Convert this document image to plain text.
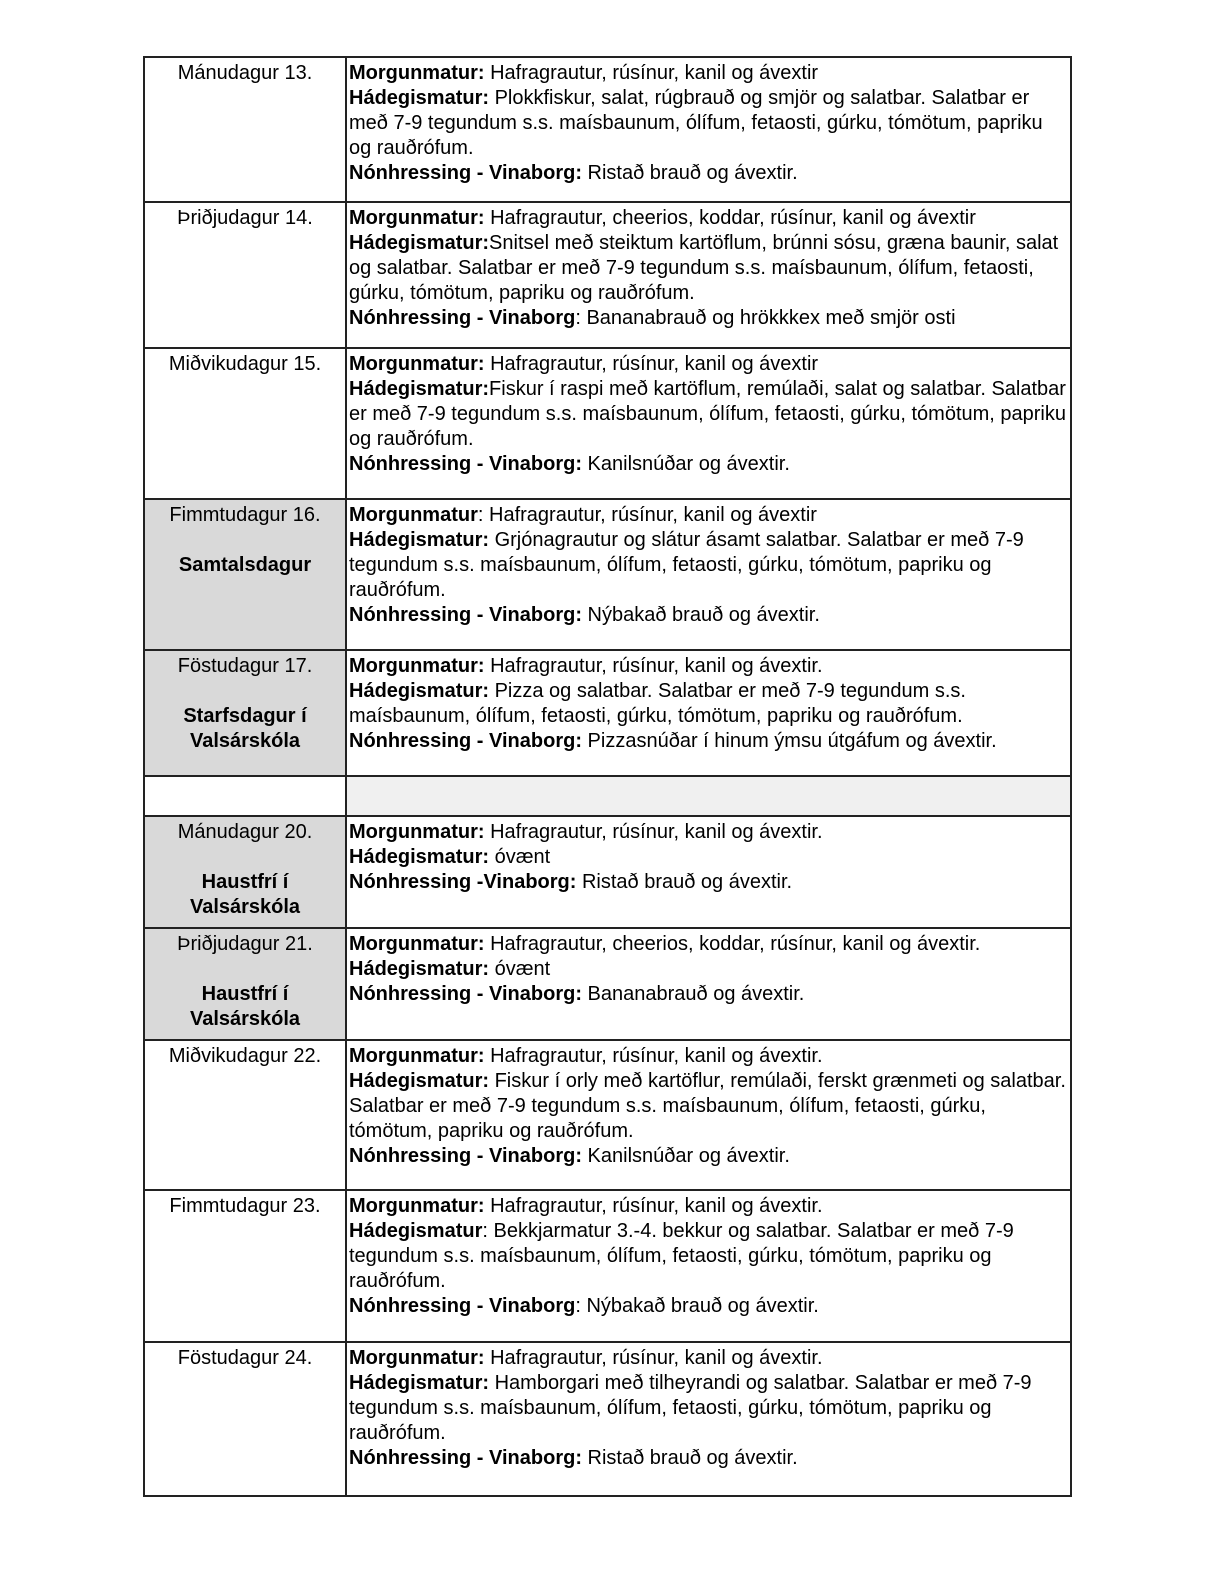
Mánudagur 13.	Morgunmatur: Hafragrautur, rúsínur, kanil og ávextir
Hádegismatur: Plokkfiskur, salat, rúgbrauð og smjör og salatbar. Salatbar er með 7-9 tegundum s.s. maísbaunum, ólífum, fetaosti, gúrku, tómötum, papriku og rauðrófum.
Nónhressing - Vinaborg: Ristað brauð og ávextir.

Þriðjudagur 14.	Morgunmatur: Hafragrautur, cheerios, koddar, rúsínur, kanil og ávextir
Hádegismatur:Snitsel með steiktum kartöflum, brúnni sósu, græna baunir, salat og salatbar. Salatbar er með 7-9 tegundum s.s. maísbaunum, ólífum, fetaosti, gúrku, tómötum, papriku og rauðrófum.
Nónhressing - Vinaborg: Bananabrauð og hrökkkex með smjör osti

Miðvikudagur 15.	Morgunmatur: Hafragrautur, rúsínur, kanil og ávextir
Hádegismatur:Fiskur í raspi með kartöflum, remúlaði, salat og salatbar. Salatbar er með 7-9 tegundum s.s. maísbaunum, ólífum, fetaosti, gúrku, tómötum, papriku og rauðrófum.
Nónhressing - Vinaborg: Kanilsnúðar og ávextir.

Fimmtudagur 16.
Samtalsdagur	Morgunmatur: Hafragrautur, rúsínur, kanil og ávextir
Hádegismatur: Grjónagrautur og slátur ásamt salatbar. Salatbar er með 7-9 tegundum s.s. maísbaunum, ólífum, fetaosti, gúrku, tómötum, papriku og rauðrófum.
Nónhressing - Vinaborg: Nýbakað brauð og ávextir.

Föstudagur 17.
Starfsdagur í Valsárskóla	Morgunmatur: Hafragrautur, rúsínur, kanil og ávextir.
Hádegismatur: Pizza og salatbar. Salatbar er með 7-9 tegundum s.s. maísbaunum, ólífum, fetaosti, gúrku, tómötum, papriku og rauðrófum.
Nónhressing - Vinaborg: Pizzasnúðar í hinum ýmsu útgáfum og ávextir.

Mánudagur 20.
Haustfrí í Valsárskóla	Morgunmatur: Hafragrautur, rúsínur, kanil og ávextir.
Hádegismatur: óvænt
Nónhressing -Vinaborg: Ristað brauð og ávextir.

Þriðjudagur 21.
Haustfrí í Valsárskóla	Morgunmatur: Hafragrautur, cheerios, koddar, rúsínur, kanil og ávextir.
Hádegismatur: óvænt
Nónhressing - Vinaborg: Bananabrauð og ávextir.

Miðvikudagur 22.	Morgunmatur: Hafragrautur, rúsínur, kanil og ávextir.
Hádegismatur: Fiskur í orly með kartöflur, remúlaði, ferskt grænmeti og salatbar. Salatbar er með 7-9 tegundum s.s. maísbaunum, ólífum, fetaosti, gúrku, tómötum, papriku og rauðrófum.
Nónhressing - Vinaborg: Kanilsnúðar og ávextir.

Fimmtudagur 23.	Morgunmatur: Hafragrautur, rúsínur, kanil og ávextir.
Hádegismatur: Bekkjarmatur 3.-4. bekkur og salatbar. Salatbar er með 7-9 tegundum s.s. maísbaunum, ólífum, fetaosti, gúrku, tómötum, papriku og rauðrófum.
Nónhressing - Vinaborg: Nýbakað brauð og ávextir.

Föstudagur 24.	Morgunmatur: Hafragrautur, rúsínur, kanil og ávextir.
Hádegismatur: Hamborgari með tilheyrandi og salatbar. Salatbar er með 7-9 tegundum s.s. maísbaunum, ólífum, fetaosti, gúrku, tómötum, papriku og rauðrófum.
Nónhressing - Vinaborg: Ristað brauð og ávextir.
